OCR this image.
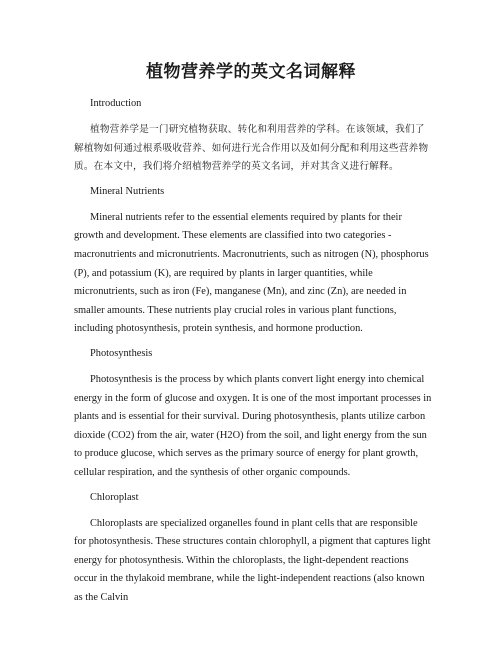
植物营养学的英文名词解释

Introduction

植物营养学是一门研究植物获取、转化和利用营养的学科。在该领域，我们了解植物如何通过根系吸收营养、如何进行光合作用以及如何分配和利用这些营养物质。在本文中，我们将介绍植物营养学的英文名词，并对其含义进行解释。

Mineral Nutrients

Mineral nutrients refer to the essential elements required by plants for their growth and development. These elements are classified into two categories - macronutrients and micronutrients. Macronutrients, such as nitrogen (N), phosphorus (P), and potassium (K), are required by plants in larger quantities, while micronutrients, such as iron (Fe), manganese (Mn), and zinc (Zn), are needed in smaller amounts. These nutrients play crucial roles in various plant functions, including photosynthesis, protein synthesis, and hormone production.

Photosynthesis

Photosynthesis is the process by which plants convert light energy into chemical energy in the form of glucose and oxygen. It is one of the most important processes in plants and is essential for their survival. During photosynthesis, plants utilize carbon dioxide (CO2) from the air, water (H2O) from the soil, and light energy from the sun to produce glucose, which serves as the primary source of energy for plant growth, cellular respiration, and the synthesis of other organic compounds.

Chloroplast

Chloroplasts are specialized organelles found in plant cells that are responsible for photosynthesis. These structures contain chlorophyll, a pigment that captures light energy for photosynthesis. Within the chloroplasts, the light-dependent reactions occur in the thylakoid membrane, while the light-independent reactions (also known as the Calvin
